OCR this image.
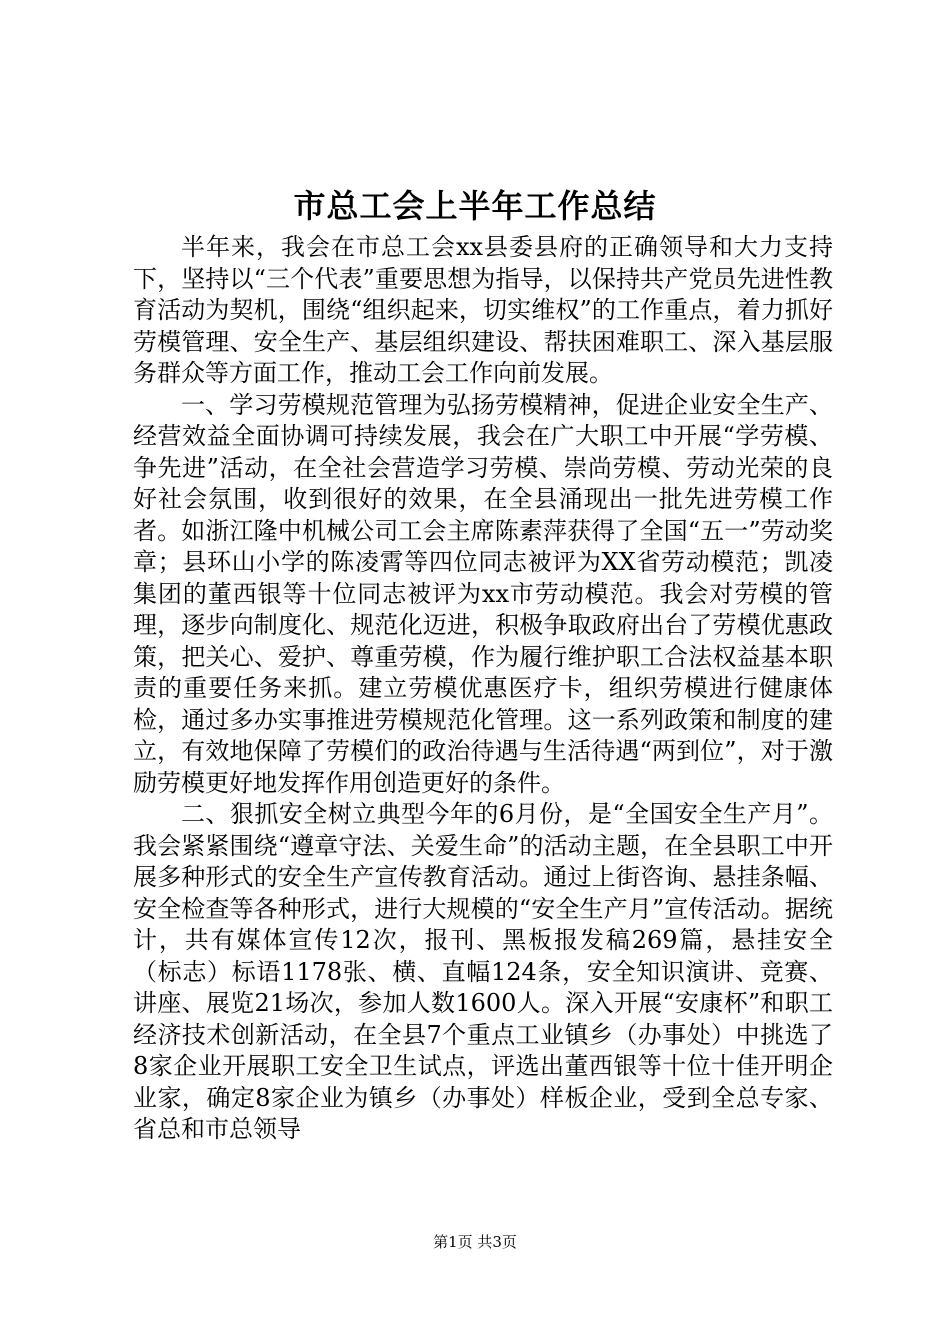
市总工会上半年工作总结

半年来，我会在市总工会xx县委县府的正确领导和大力支持下，坚持以“三个代表”重要思想为指导，以保持共产党员先进性教育活动为契机，围绕“组织起来，切实维权”的工作重点，着力抓好劳模管理、安全生产、基层组织建设、帮扶困难职工、深入基层服务群众等方面工作，推动工会工作向前发展。

一、学习劳模规范管理为弘扬劳模精神，促进企业安全生产、经营效益全面协调可持续发展，我会在广大职工中开展“学劳模、争先进”活动，在全社会营造学习劳模、崇尚劳模、劳动光荣的良好社会氛围，收到很好的效果，在全县涌现出一批先进劳模工作者。如浙江隆中机械公司工会主席陈素萍获得了全国“五一”劳动奖章；县环山小学的陈凌霄等四位同志被评为XX省劳动模范；凯凌集团的董西银等十位同志被评为xx市劳动模范。我会对劳模的管理，逐步向制度化、规范化迈进，积极争取政府出台了劳模优惠政策，把关心、爱护、尊重劳模，作为履行维护职工合法权益基本职责的重要任务来抓。建立劳模优惠医疗卡，组织劳模进行健康体检，通过多办实事推进劳模规范化管理。这一系列政策和制度的建立，有效地保障了劳模们的政治待遇与生活待遇“两到位”，对于激励劳模更好地发挥作用创造更好的条件。

二、狠抓安全树立典型今年的6月份，是“全国安全生产月”。我会紧紧围绕“遵章守法、关爱生命”的活动主题，在全县职工中开展多种形式的安全生产宣传教育活动。通过上街咨询、悬挂条幅、安全检查等各种形式，进行大规模的“安全生产月”宣传活动。据统计，共有媒体宣传12次，报刊、黑板报发稿269篇，悬挂安全（标志）标语1178张、横、直幅124条，安全知识演讲、竞赛、讲座、展览21场次，参加人数1600人。深入开展“安康杯”和职工经济技术创新活动，在全县7个重点工业镇乡（办事处）中挑选了8家企业开展职工安全卫生试点，评选出董西银等十位十佳开明企业家，确定8家企业为镇乡（办事处）样板企业，受到全总专家、省总和市总领导

第1页 共3页
